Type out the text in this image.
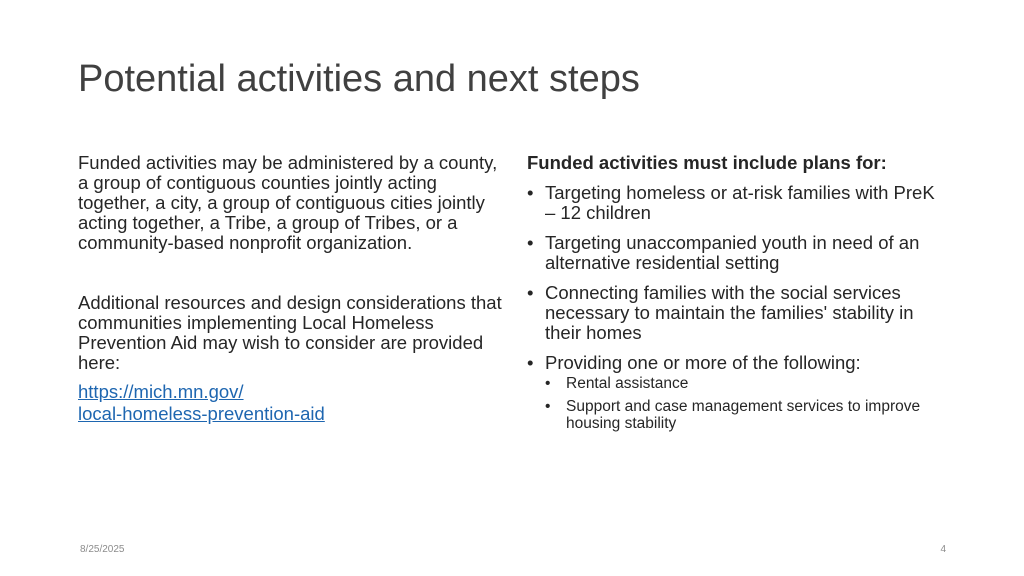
Potential activities and next steps

Funded activities may be administered by a county, a group of contiguous counties jointly acting together, a city, a group of contiguous cities jointly acting together, a Tribe, a group of Tribes, or a community-based nonprofit organization.

Additional resources and design considerations that communities implementing Local Homeless Prevention Aid may wish to consider are provided here:

https://mich.mn.gov/
local-homeless-prevention-aid

Funded activities must include plans for:

• Targeting homeless or at-risk families with PreK – 12 children
• Targeting unaccompanied youth in need of an alternative residential setting
• Connecting families with the social services necessary to maintain the families' stability in their homes
• Providing one or more of the following:
• Rental assistance
• Support and case management services to improve housing stability
8/25/2025	4
